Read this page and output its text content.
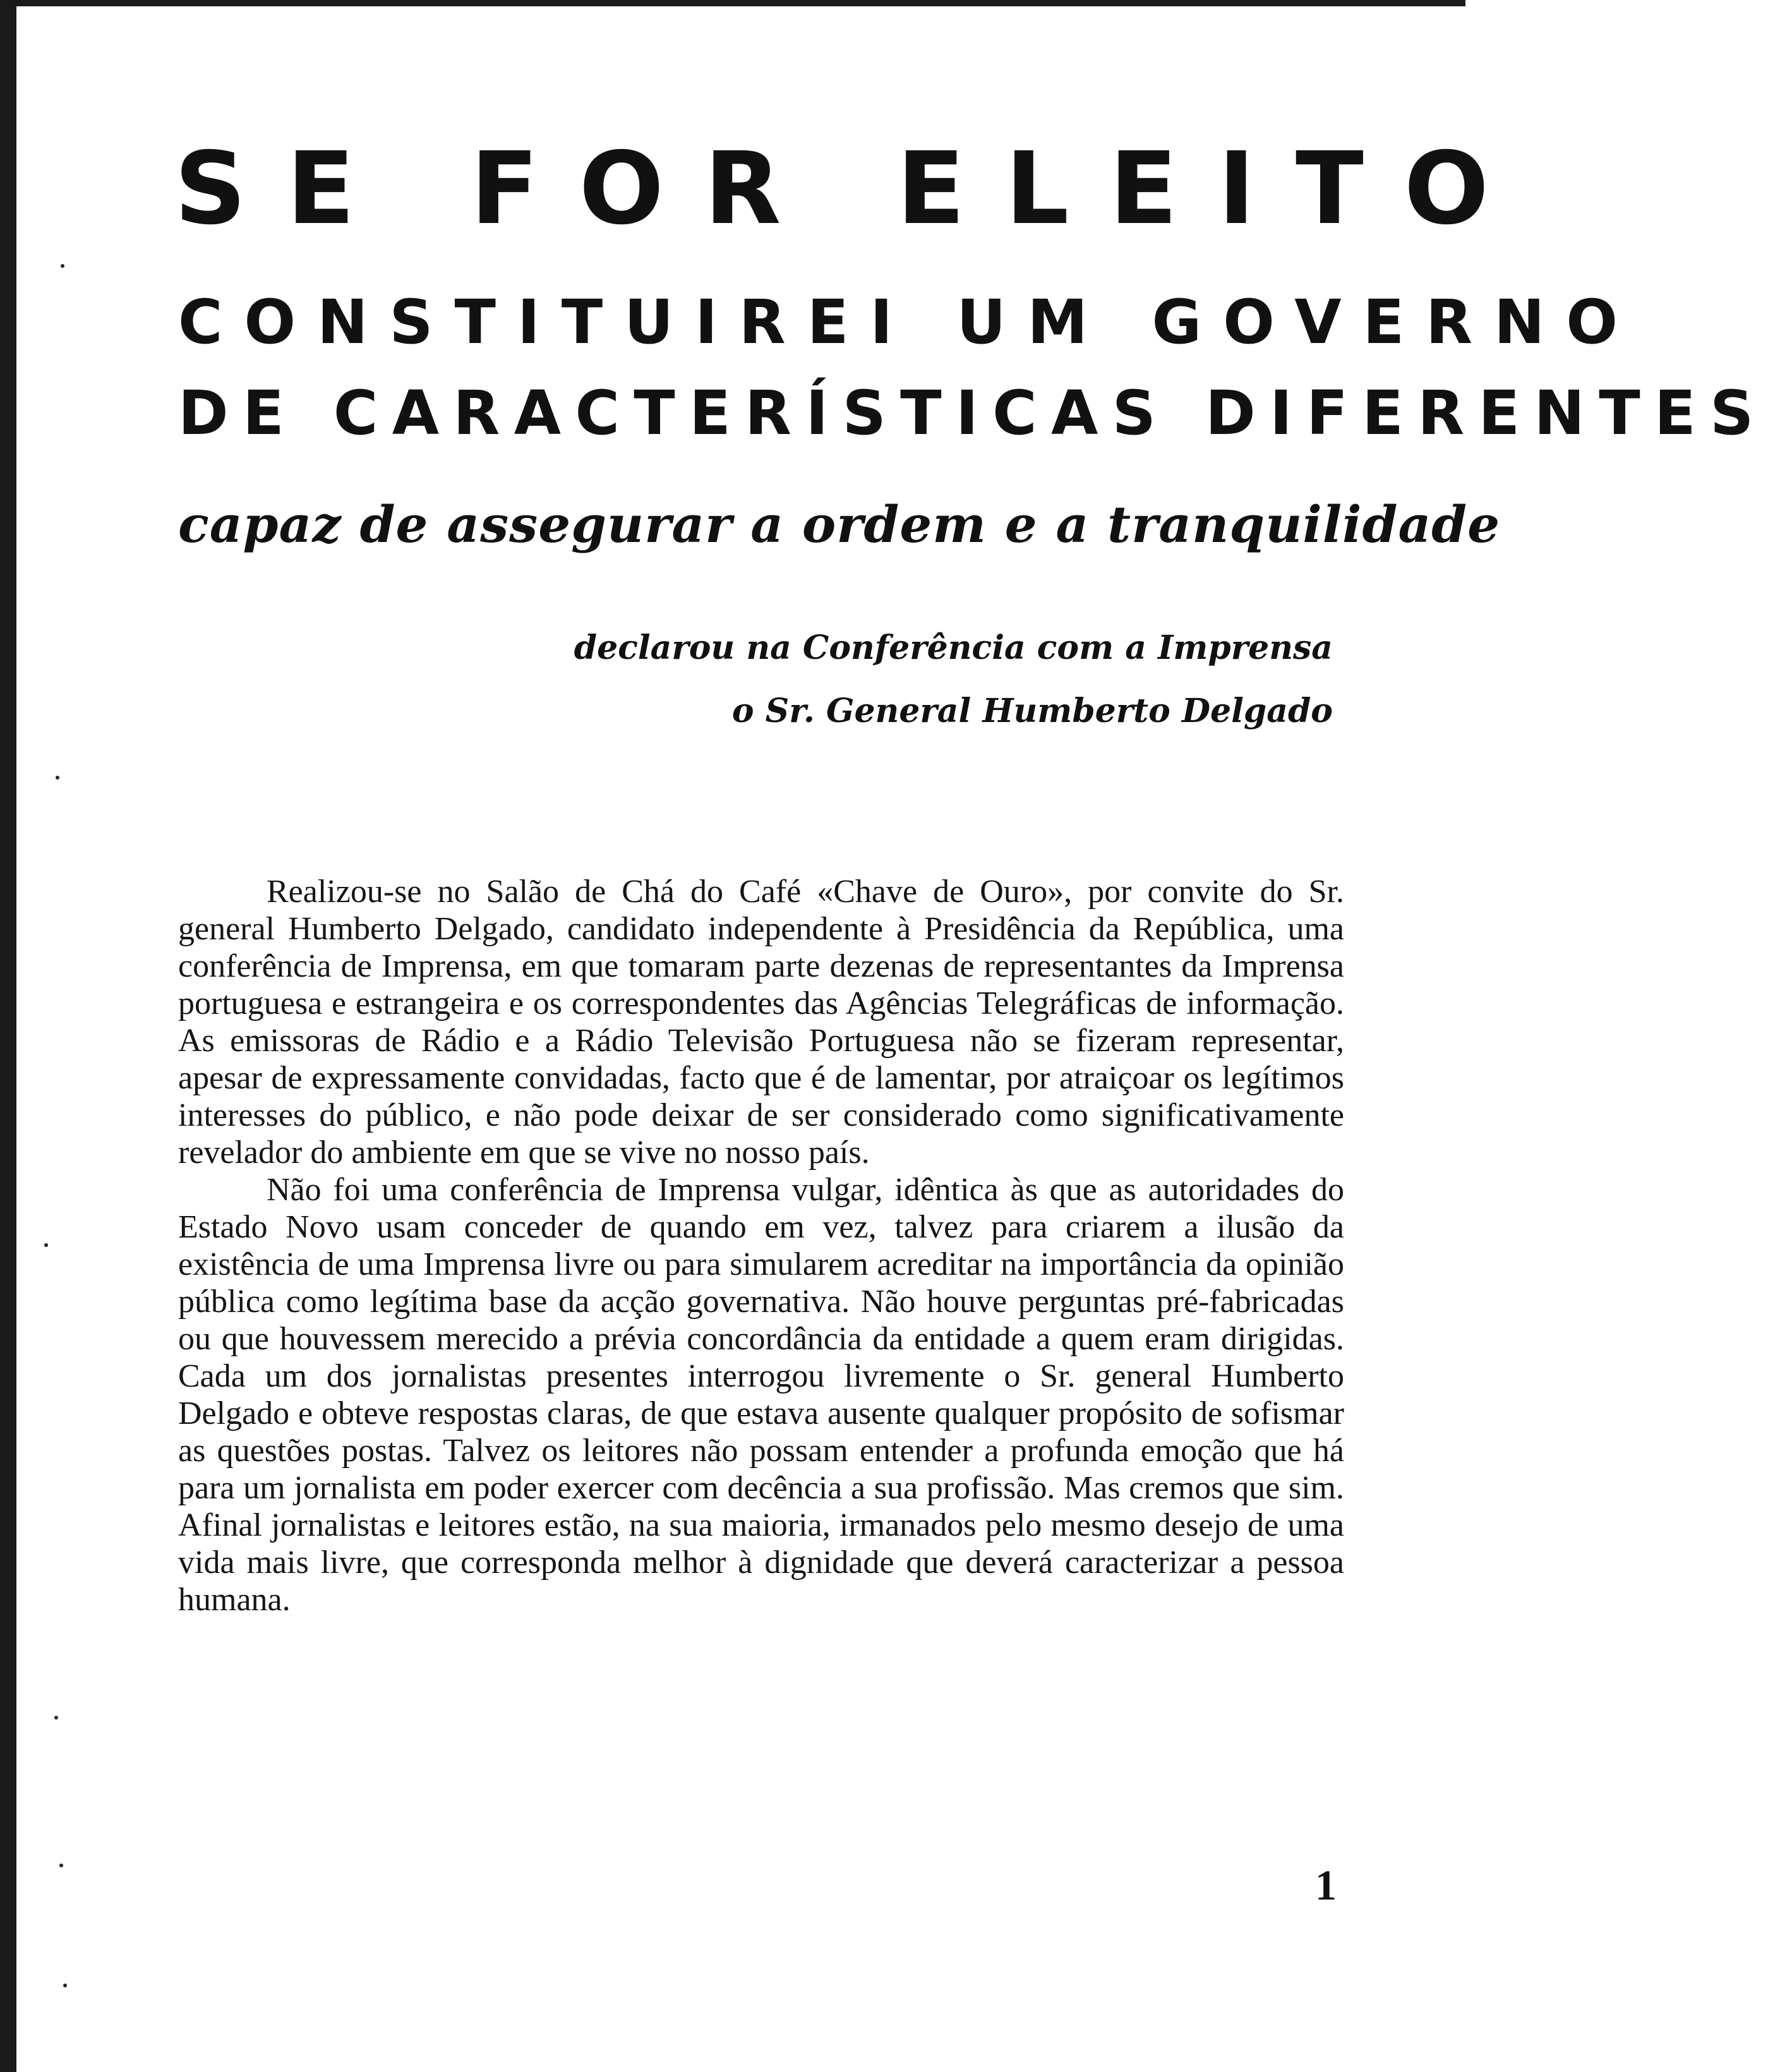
SE FOR ELEITO
CONSTITUIREI UM GOVERNO
DE CARACTERÍSTICAS DIFERENTES
capaz de assegurar a ordem e a tranquilidade

declarou na Conferência com a Imprensa

o Sr. General Humberto Delgado

Realizou-se no Salão de Chá do Café «Chave de Ouro», por convite do Sr. general Humberto Delgado, candidato independente à Presidência da República, uma conferência de Imprensa, em que tomaram parte dezenas de representantes da Imprensa portuguesa e estrangeira e os correspondentes das Agências Telegráficas de informação. As emissoras de Rádio e a Rádio Televisão Portuguesa não se fizeram representar, apesar de expressamente convidadas, facto que é de lamentar, por atraiçoar os legítimos interesses do público, e não pode deixar de ser considerado como significativamente revelador do ambiente em que se vive no nosso país.

Não foi uma conferência de Imprensa vulgar, idêntica às que as autoridades do Estado Novo usam conceder de quando em vez, talvez para criarem a ilusão da existência de uma Imprensa livre ou para simularem acreditar na importância da opinião pública como legítima base da acção governativa. Não houve perguntas pré-fabricadas ou que houvessem merecido a prévia concordância da entidade a quem eram dirigidas. Cada um dos jornalistas presentes interrogou livremente o Sr. general Humberto Delgado e obteve respostas claras, de que estava ausente qualquer propósito de sofismar as questões postas. Talvez os leitores não possam entender a profunda emoção que há para um jornalista em poder exercer com decência a sua profissão. Mas cremos que sim. Afinal jornalistas e leitores estão, na sua maioria, irmanados pelo mesmo desejo de uma vida mais livre, que corresponda melhor à dignidade que deverá caracterizar a pessoa humana.

1
